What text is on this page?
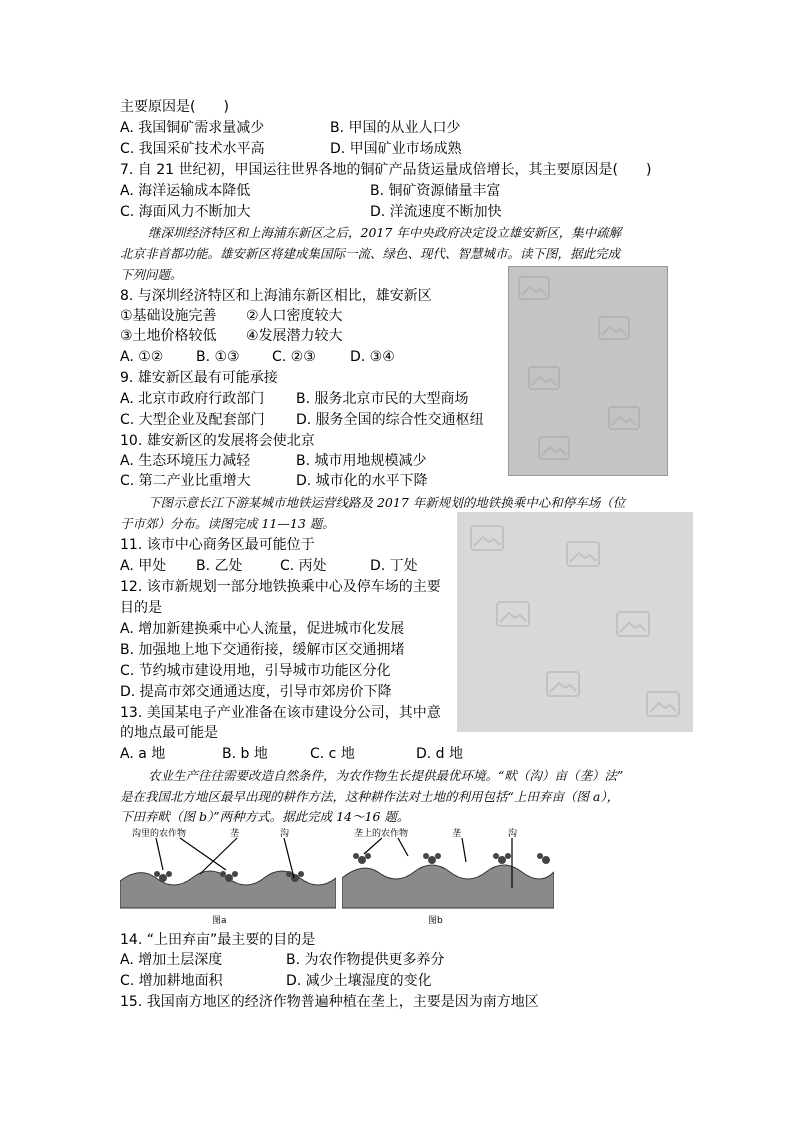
主要原因是(　　)
A. 我国铜矿需求量减少	B. 甲国的从业人口少
C. 我国采矿技术水平高	D. 甲国矿业市场成熟
7. 自 21 世纪初，甲国运往世界各地的铜矿产品货运量成倍增长，其主要原因是(　　)
A. 海洋运输成本降低	B. 铜矿资源储量丰富
C. 海面风力不断加大	D. 洋流速度不断加快
继深圳经济特区和上海浦东新区之后，2017 年中央政府决定设立雄安新区，集中疏解
北京非首都功能。雄安新区将建成集国际一流、绿色、现代、智慧城市。读下图，据此完成
下列问题。
8. 与深圳经济特区和上海浦东新区相比，雄安新区
①基础设施完善 ②人口密度较大
③土地价格较低 ④发展潜力较大
A. ①② B. ①③ C. ②③ D. ③④
9. 雄安新区最有可能承接
A. 北京市政府行政部门 B. 服务北京市民的大型商场
C. 大型企业及配套部门 D. 服务全国的综合性交通枢纽
10. 雄安新区的发展将会使北京
A. 生态环境压力减轻	B. 城市用地规模减少
C. 第二产业比重增大	D. 城市化的水平下降
下图示意长江下游某城市地铁运营线路及 2017 年新规划的地铁换乘中心和停车场（位
于市郊）分布。读图完成 11—13 题。
11. 该市中心商务区最可能位于
A. 甲处 B. 乙处	C. 丙处	D. 丁处
12. 该市新规划一部分地铁换乘中心及停车场的主要
目的是
A. 增加新建换乘中心人流量，促进城市化发展
B. 加强地上地下交通衔接，缓解市区交通拥堵
C. 节约城市建设用地，引导城市功能区分化
D. 提高市郊交通通达度，引导市郊房价下降
13. 美国某电子产业准备在该市建设分公司，其中意
的地点最可能是
A. a 地	B. b 地	C. c 地	D. d 地
农业生产往往需要改造自然条件，为农作物生长提供最优环境。“畎（沟）亩（垄）法”
是在我国北方地区最早出现的耕作方法，这种耕作法对土地的利用包括“上田弃亩（图 a），
下田弃畎（图 b）”两种方式。据此完成 14～16 题。
14. “上田弃亩”最主要的目的是
A. 增加土层深度	B. 为农作物提供更多养分
C. 增加耕地面积	D. 减少土壤湿度的变化
15. 我国南方地区的经济作物普遍种植在垄上，主要是因为南方地区
沟里的农作物	垄	沟
图a
垄上的农作物	垄	沟
图b
